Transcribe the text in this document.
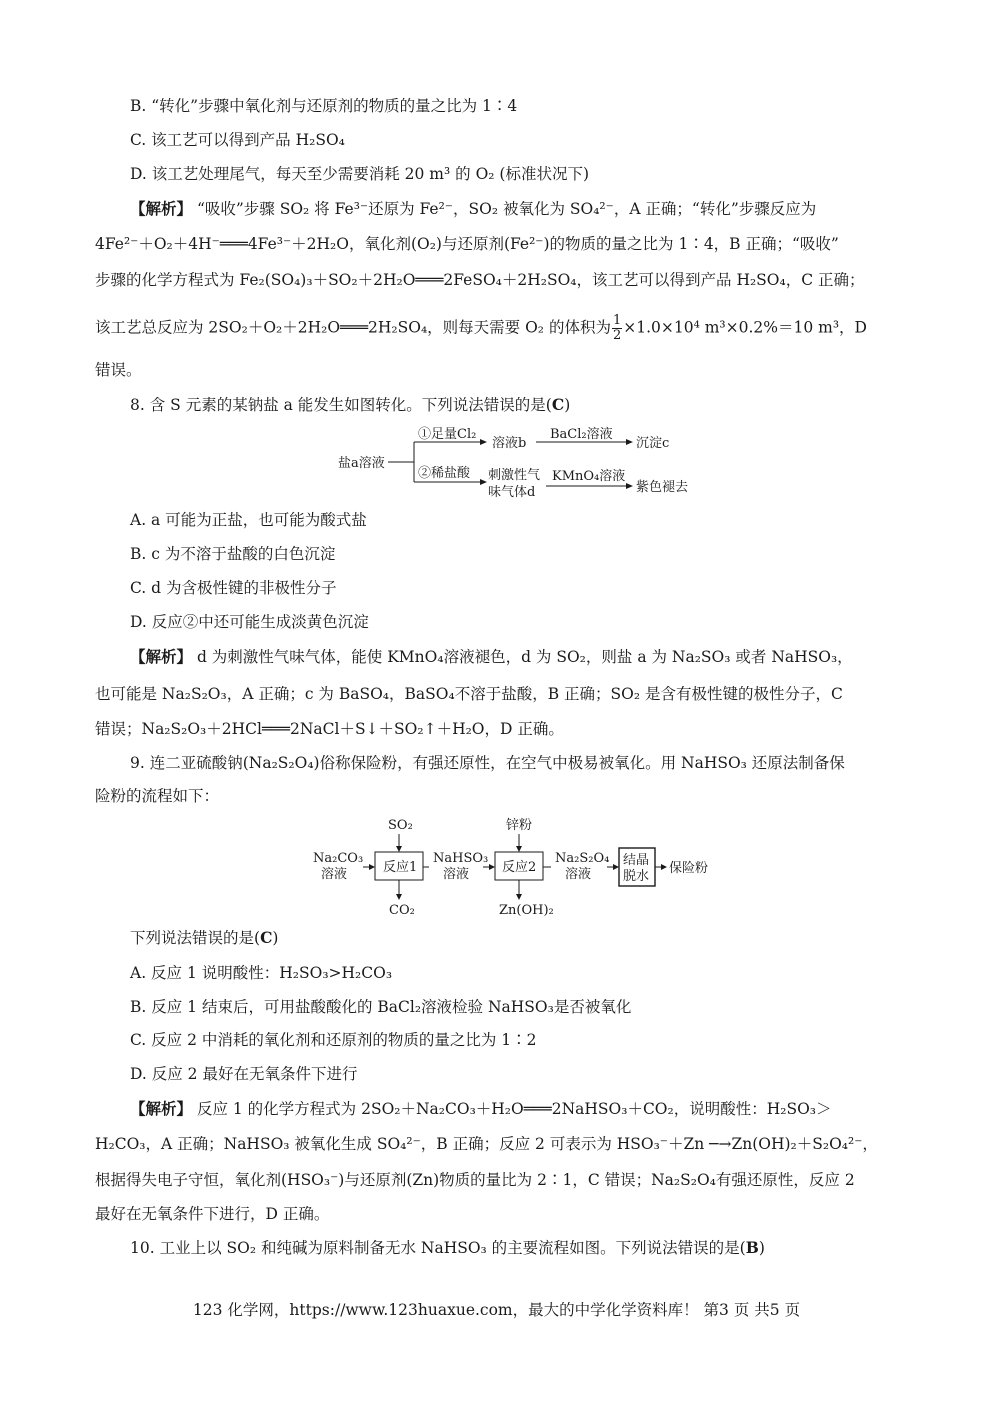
B. “转化”步骤中氧化剂与还原剂的物质的量之比为 1∶4
C. 该工艺可以得到产品 H₂SO₄
D. 该工艺处理尾气，每天至少需要消耗 20 m³ 的 O₂ (标准状况下)
【解析】 “吸收”步骤 SO₂ 将 Fe³⁻还原为 Fe²⁻，SO₂ 被氧化为 SO₄²⁻，A 正确；“转化”步骤反应为
4Fe²⁻＋O₂＋4H⁻═══4Fe³⁻＋2H₂O，氧化剂(O₂)与还原剂(Fe²⁻)的物质的量之比为 1∶4，B 正确；“吸收”
步骤的化学方程式为 Fe₂(SO₄)₃＋SO₂＋2H₂O═══2FeSO₄＋2H₂SO₄，该工艺可以得到产品 H₂SO₄，C 正确；
该工艺总反应为 2SO₂＋O₂＋2H₂O═══2H₂SO₄，则每天需要 O₂ 的体积为 $\frac{1}{2} \times 1.0\times 10^4$ m³×0.2%＝10 m³，D
错误。
8. 含 S 元素的某钠盐 a 能发生如图转化。下列说法错误的是(C)
盐a溶液
①足量Cl₂
溶液b
BaCl₂溶液
沉淀c
②稀盐酸 刺激性气
味气体d
KMnO₄溶液
紫色褪去
A. a 可能为正盐，也可能为酸式盐
B. c 为不溶于盐酸的白色沉淀
C. d 为含极性键的非极性分子
D. 反应②中还可能生成淡黄色沉淀
【解析】 d 为刺激性气味气体，能使 KMnO₄溶液褪色，d 为 SO₂，则盐 a 为 Na₂SO₃ 或者 NaHSO₃，
也可能是 Na₂S₂O₃，A 正确；c 为 BaSO₄，BaSO₄不溶于盐酸，B 正确；SO₂ 是含有极性键的极性分子，C
错误；Na₂S₂O₃＋2HCl═══2NaCl＋S↓＋SO₂↑＋H₂O，D 正确。
9. 连二亚硫酸钠(Na₂S₂O₄)俗称保险粉，有强还原性，在空气中极易被氧化。用 NaHSO₃ 还原法制备保
险粉的流程如下：
Na₂CO₃
溶液	反应1
SO₂
CO₂
NaHSO₃
溶液	反应2
锌粉
Zn(OH)₂
Na₂S₂O₄
溶液
结晶
脱水
保险粉
下列说法错误的是(C)
A. 反应 1 说明酸性：H₂SO₃>H₂CO₃
B. 反应 1 结束后，可用盐酸酸化的 BaCl₂溶液检验 NaHSO₃是否被氧化
C. 反应 2 中消耗的氧化剂和还原剂的物质的量之比为 1∶2
D. 反应 2 最好在无氧条件下进行
【解析】 反应 1 的化学方程式为 2SO₂＋Na₂CO₃＋H₂O═══2NaHSO₃＋CO₂，说明酸性：H₂SO₃＞
H₂CO₃，A 正确；NaHSO₃ 被氧化生成 SO₄²⁻，B 正确；反应 2 可表示为 HSO₃⁻＋Zn ─→Zn(OH)₂＋S₂O₄²⁻，
根据得失电子守恒，氧化剂(HSO₃⁻)与还原剂(Zn)物质的量比为 2∶1，C 错误；Na₂S₂O₄有强还原性，反应 2
最好在无氧条件下进行，D 正确。
10. 工业上以 SO₂ 和纯碱为原料制备无水 NaHSO₃ 的主要流程如图。下列说法错误的是(B)
123 化学网，https://www.123huaxue.com，最大的中学化学资料库！ 第3 页 共5 页
